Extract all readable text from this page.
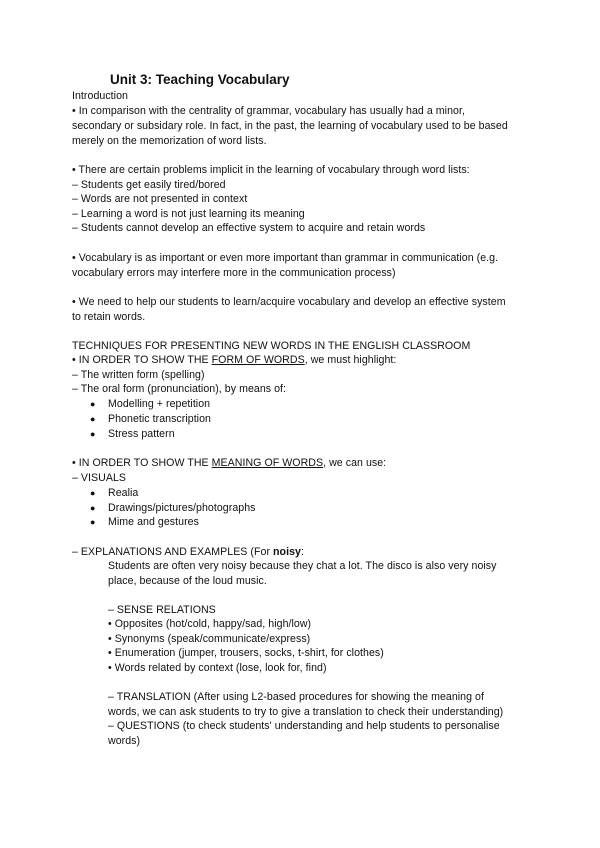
Unit 3: Teaching Vocabulary
Introduction
• In comparison with the centrality of grammar, vocabulary has usually had a minor,
secondary or subsidary role. In fact, in the past, the learning of vocabulary used to be based
merely on the memorization of word lists.
• There are certain problems implicit in the learning of vocabulary through word lists:
– Students get easily tired/bored
– Words are not presented in context
– Learning a word is not just learning its meaning
– Students cannot develop an effective system to acquire and retain words
• Vocabulary is as important or even more important than grammar in communication (e.g.
vocabulary errors may interfere more in the communication process)
• We need to help our students to learn/acquire vocabulary and develop an effective system
to retain words.
TECHNIQUES FOR PRESENTING NEW WORDS IN THE ENGLISH CLASSROOM
• IN ORDER TO SHOW THE FORM OF WORDS, we must highlight:
– The written form (spelling)
– The oral form (pronunciation), by means of:
● Modelling + repetition
● Phonetic transcription
● Stress pattern
• IN ORDER TO SHOW THE MEANING OF WORDS, we can use:
– VISUALS
● Realia
● Drawings/pictures/photographs
● Mime and gestures
– EXPLANATIONS AND EXAMPLES (For noisy:
Students are often very noisy because they chat a lot. The disco is also very noisy
place, because of the loud music.
– SENSE RELATIONS
• Opposites (hot/cold, happy/sad, high/low)
• Synonyms (speak/communicate/express)
• Enumeration (jumper, trousers, socks, t-shirt, for clothes)
• Words related by context (lose, look for, find)
– TRANSLATION (After using L2-based procedures for showing the meaning of
words, we can ask students to try to give a translation to check their understanding)
– QUESTIONS (to check students' understanding and help students to personalise
words)
